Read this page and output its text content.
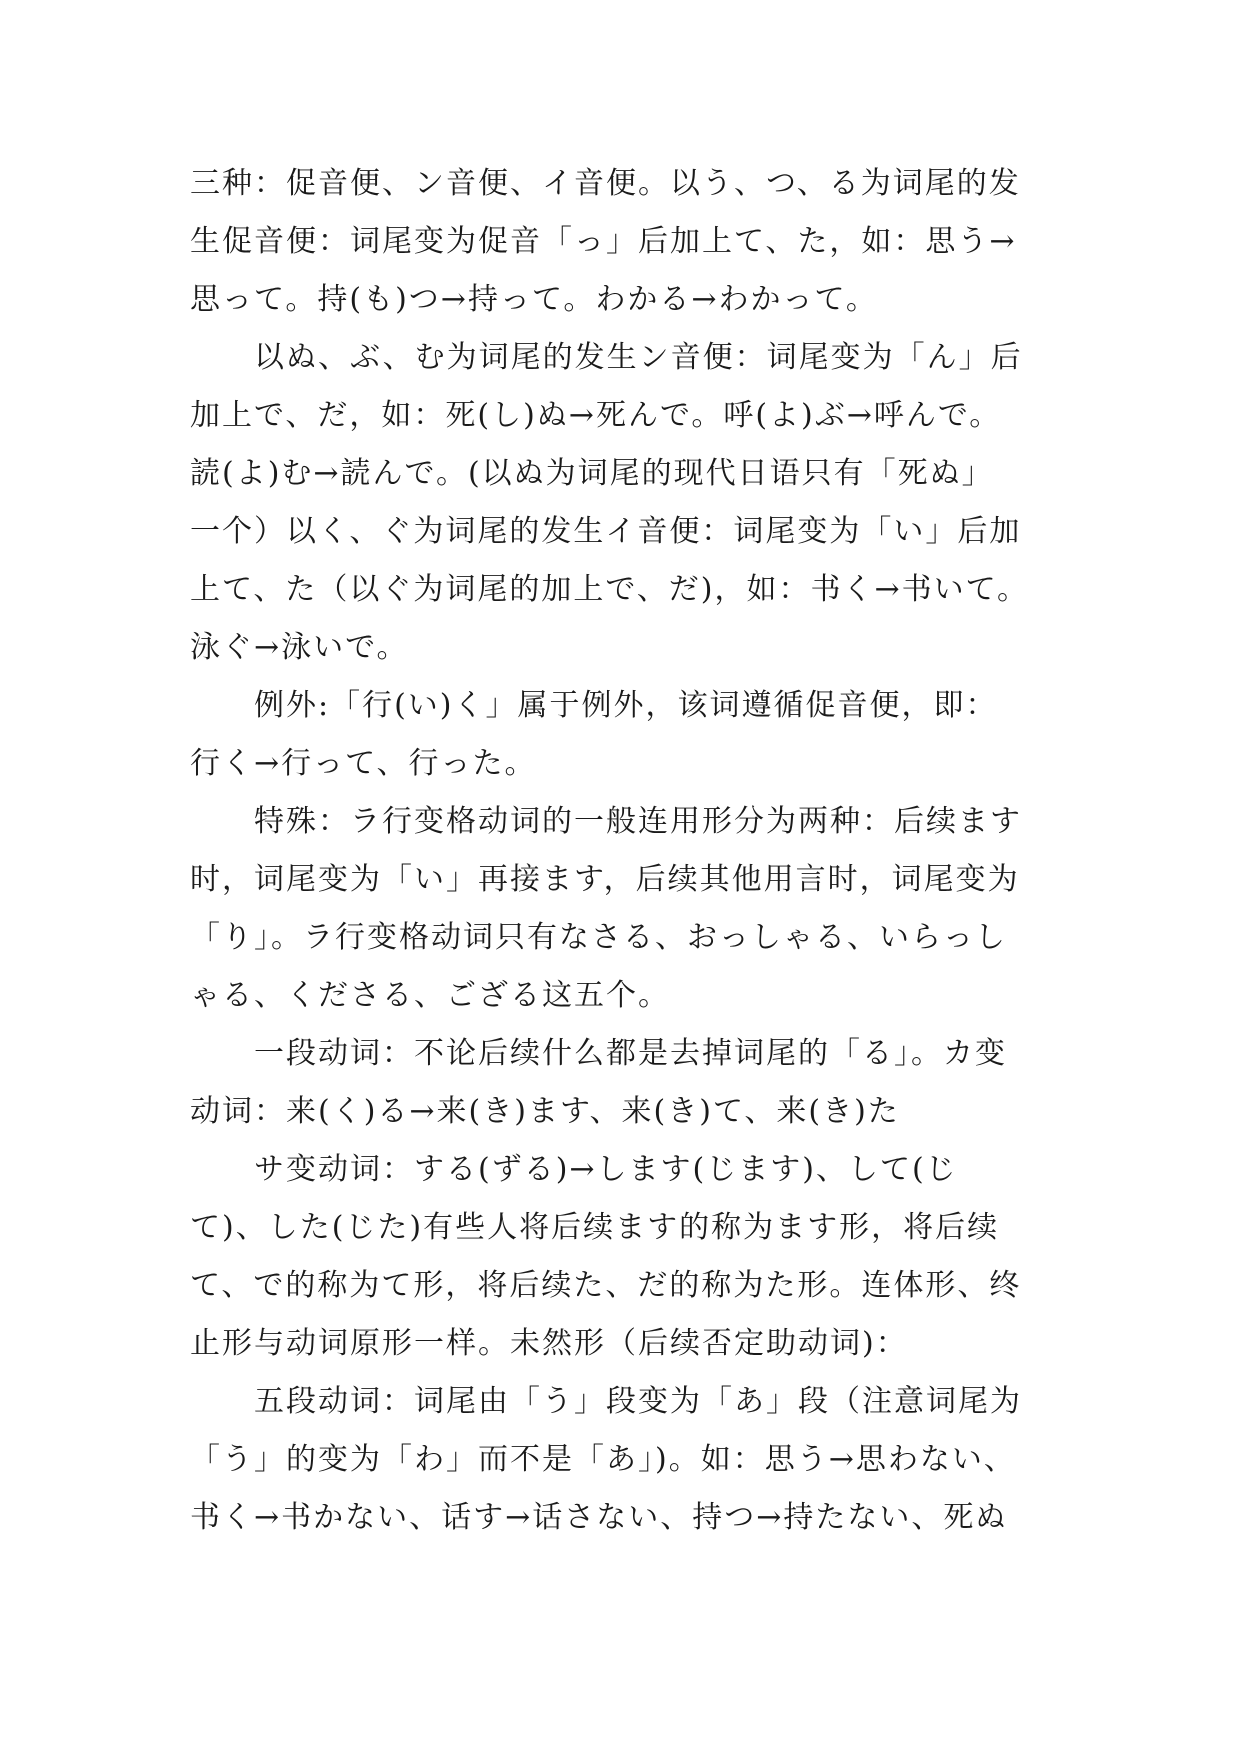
三种：促音便、ン音便、イ音便。以う、つ、る为词尾的发
生促音便：词尾变为促音「っ」后加上て、た，如：思う→
思って。持(も)つ→持って。わかる→わかって。
以ぬ、ぶ、む为词尾的发生ン音便：词尾变为「ん」后
加上で、だ，如：死(し)ぬ→死んで。呼(よ)ぶ→呼んで。
読(よ)む→読んで。(以ぬ为词尾的现代日语只有「死ぬ」
一个）以く、ぐ为词尾的发生イ音便：词尾变为「い」后加
上て、た（以ぐ为词尾的加上で、だ)，如：书く→书いて。
泳ぐ→泳いで。
例外:「行(い)く」属于例外，该词遵循促音便，即：
行く→行って、行った。
特殊：ラ行变格动词的一般连用形分为两种：后续ます
时，词尾变为「い」再接ます，后续其他用言时，词尾变为
「り」。ラ行变格动词只有なさる、おっしゃる、いらっし
ゃる、くださる、ござる这五个。
一段动词：不论后续什么都是去掉词尾的「る」。カ变
动词：来(く)る→来(き)ます、来(き)て、来(き)た
サ变动词：する(ずる)→します(じます)、して(じ
て)、した(じた)有些人将后续ます的称为ます形，将后续
て、で的称为て形，将后续た、だ的称为た形。连体形、终
止形与动词原形一样。未然形（后续否定助动词)：
五段动词：词尾由「う」段变为「あ」段（注意词尾为
「う」的变为「わ」而不是「あ」)。如：思う→思わない、
书く→书かない、话す→话さない、持つ→持たない、死ぬ
